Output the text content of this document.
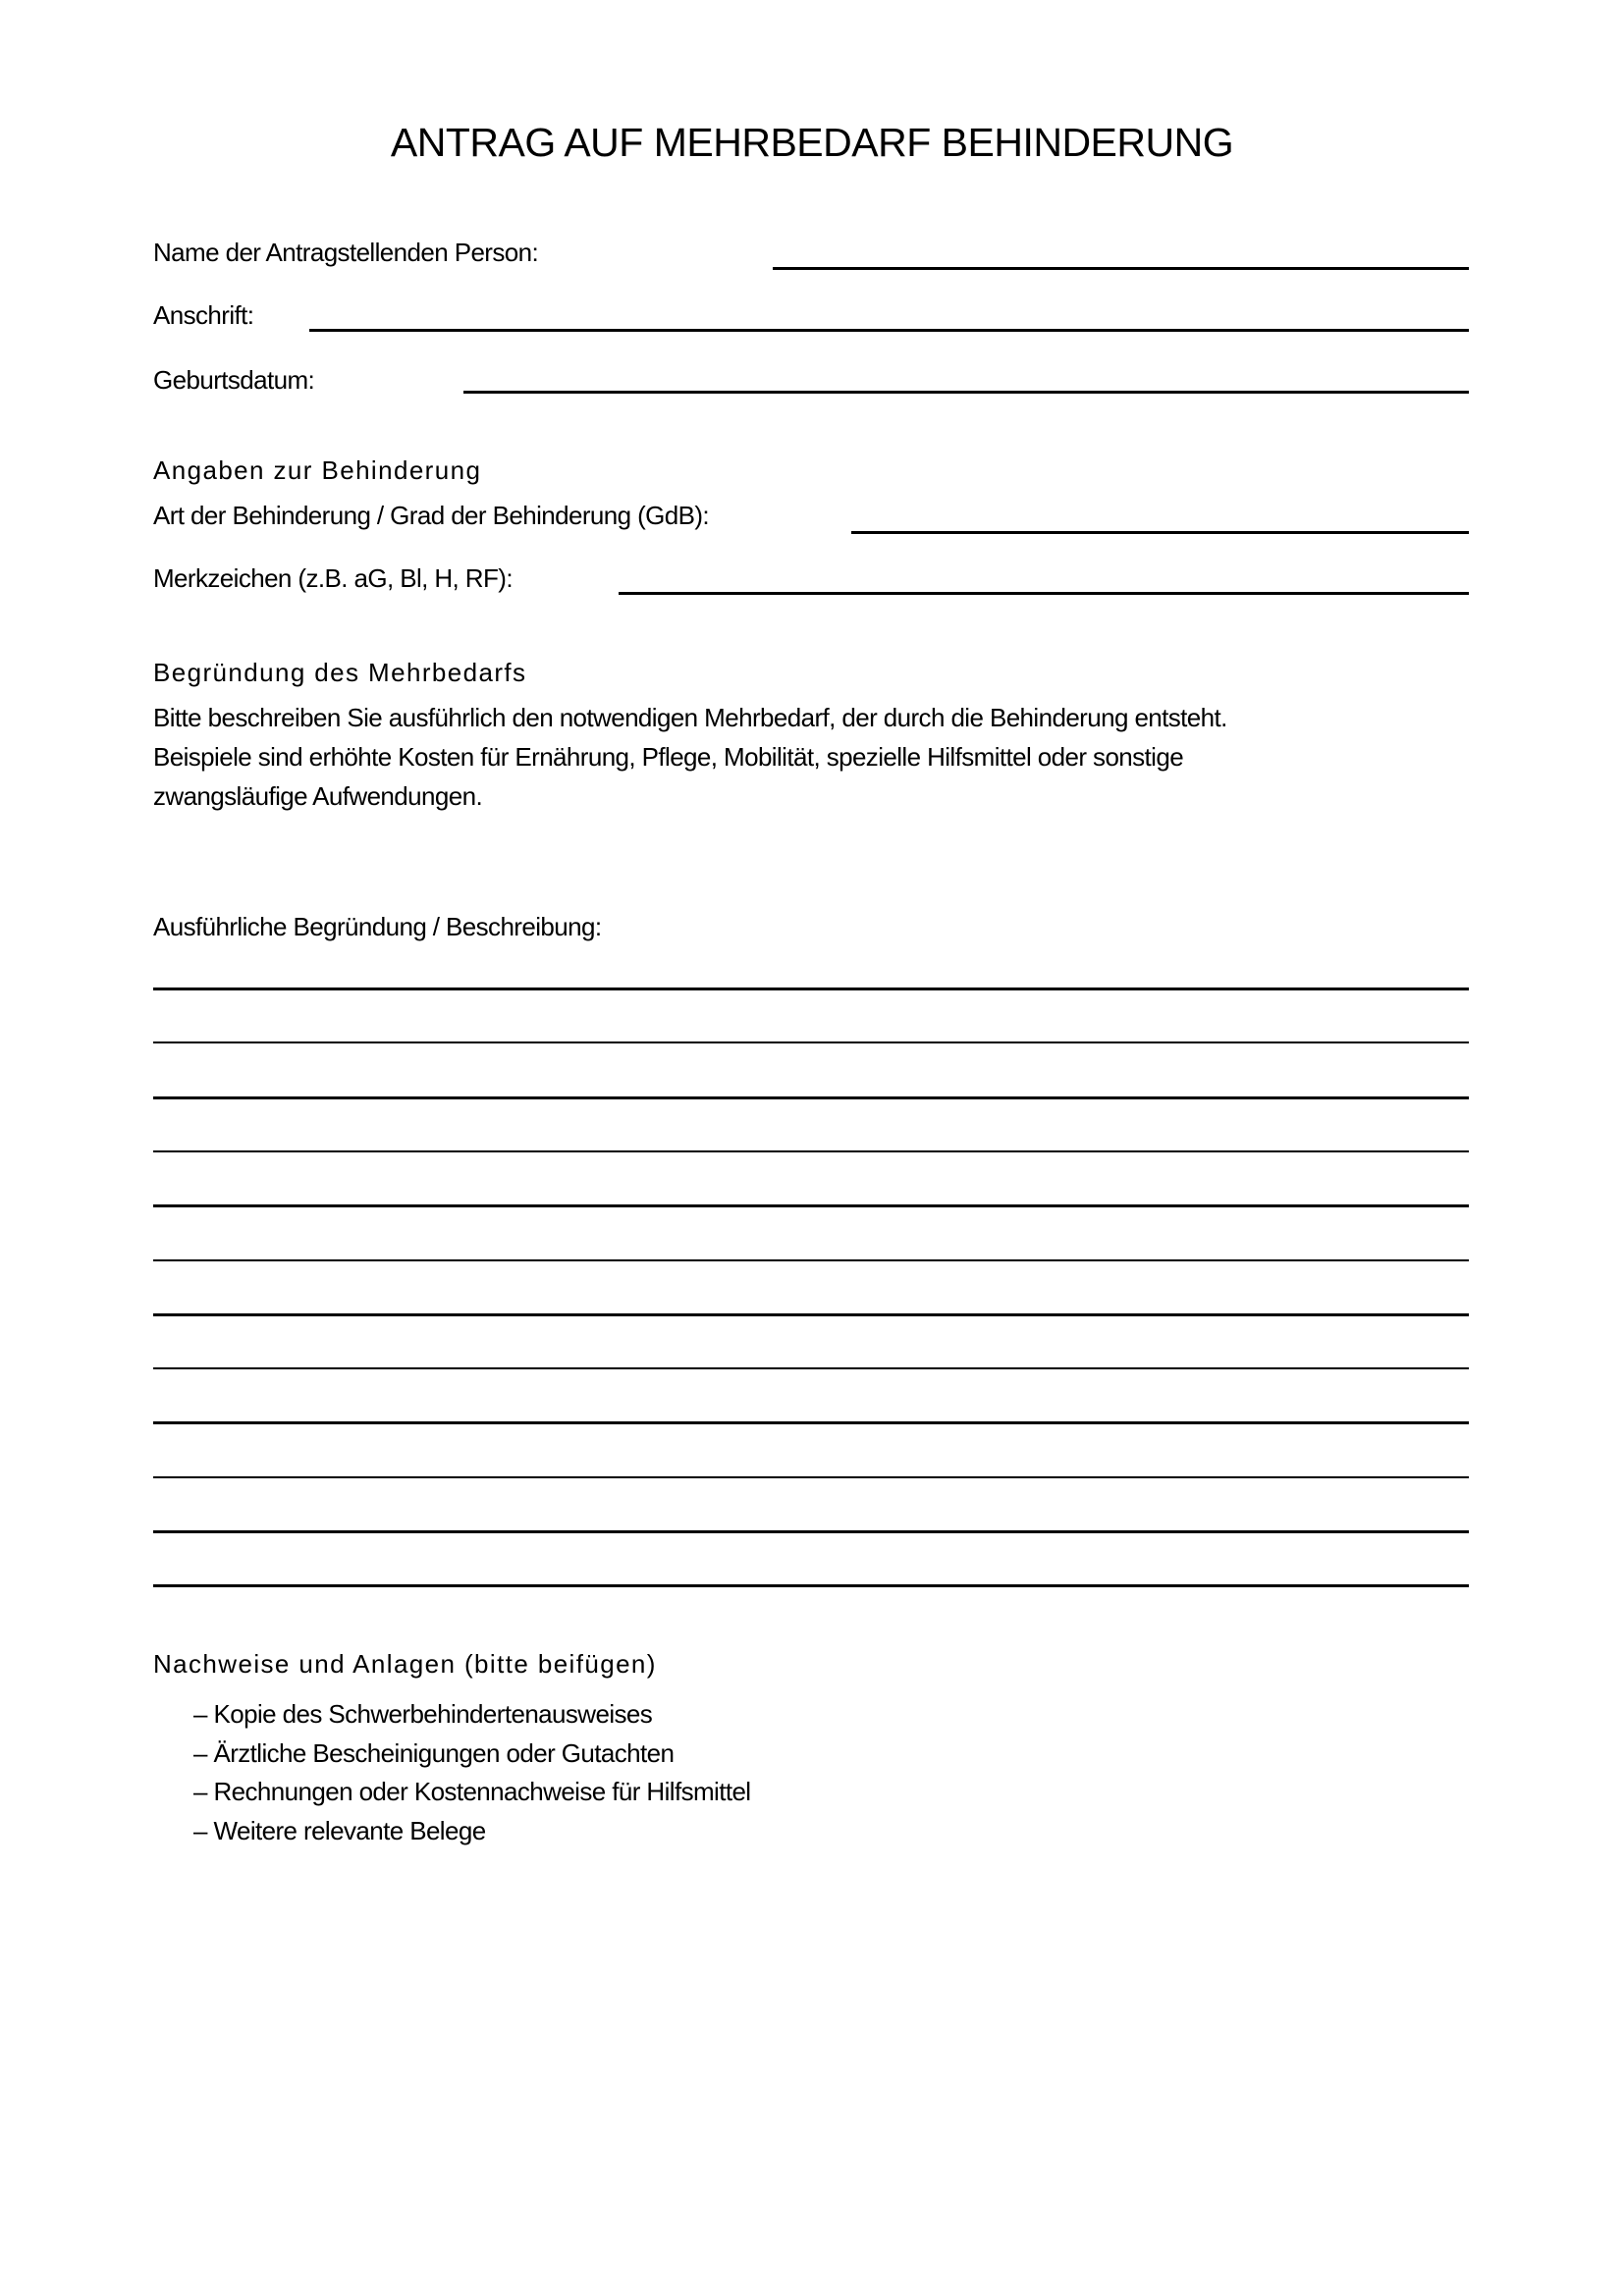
ANTRAG AUF MEHRBEDARF BEHINDERUNG
Name der Antragstellenden Person:
Anschrift:
Geburtsdatum:
Angaben zur Behinderung
Art der Behinderung / Grad der Behinderung (GdB):
Merkzeichen (z.B. aG, Bl, H, RF):
Begründung des Mehrbedarfs
Bitte beschreiben Sie ausführlich den notwendigen Mehrbedarf, der durch die Behinderung entsteht.
Beispiele sind erhöhte Kosten für Ernährung, Pflege, Mobilität, spezielle Hilfsmittel oder sonstige
zwangsläufige Aufwendungen.
Ausführliche Begründung / Beschreibung:
Nachweise und Anlagen (bitte beifügen)
– Kopie des Schwerbehindertenausweises
– Ärztliche Bescheinigungen oder Gutachten
– Rechnungen oder Kostennachweise für Hilfsmittel
– Weitere relevante Belege
